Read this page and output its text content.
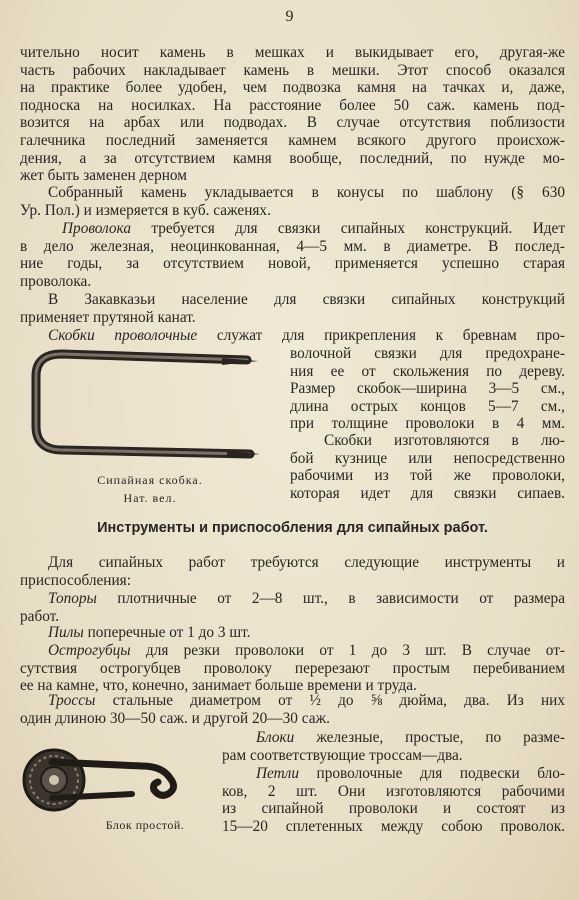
9
чительно носит камень в мешках и выкидывает его, другая-же
часть рабочих накладывает камень в мешки. Этот способ оказался
на практике более удобен, чем подвозка камня на тачках и, даже,
подноска на носилках. На расстояние более 50 саж. камень под-
возится на арбах или подводах. В случае отсутствия поблизости
галечника последний заменяется камнем всякого другого происхож-
дения, а за отсутствием камня вообще, последний, по нужде мо-
жет быть заменен дерном
Собранный камень укладывается в конусы по шаблону (§ 630
Ур. Пол.) и измеряется в куб. саженях.
Проволока требуется для связки сипайных конструкций. Идет
в дело железная, неоцинкованная, 4—5 мм. в диаметре. В послед-
ние годы, за отсутствием новой, применяется успешно старая
проволока.
В Закавказьи население для связки сипайных конструкций
применяет прутяной канат.
Скобки проволочные служат для прикрепления к бревнам про-
Сипайная скобка.
Нат. вел.
волочной связки для предохране-
ния ее от скольжения по дереву.
Размер скобок—ширина 3—5 см.,
длина острых концов 5—7 см.,
при толщине проволоки в 4 мм.
Скобки изготовляются в лю-
бой кузнице или непосредственно
рабочими из той же проволоки,
которая идет для связки сипаев.
Инструменты и приспособления для сипайных работ.
Для сипайных работ требуются следующие инструменты и
приспособления:
Топоры плотничные от 2—8 шт., в зависимости от размера
работ.
Пилы поперечные от 1 до 3 шт.
Острогубцы для резки проволоки от 1 до 3 шт. В случае от-
сутствия острогубцев проволоку перерезают простым перебиванием
ее на камне, что, конечно, занимает больше времени и труда.
Троссы стальные диаметром от ½ до ⅝ дюйма, два. Из них
один длиною 30—50 саж. и другой 20—30 саж.
Блок простой.
Блоки железные, простые, по разме-
рам соответствующие троссам—два.
Петли проволочные для подвески бло-
ков, 2 шт. Они изготовляются рабочими
из сипайной проволоки и состоят из
15—20 сплетенных между собою проволок.
